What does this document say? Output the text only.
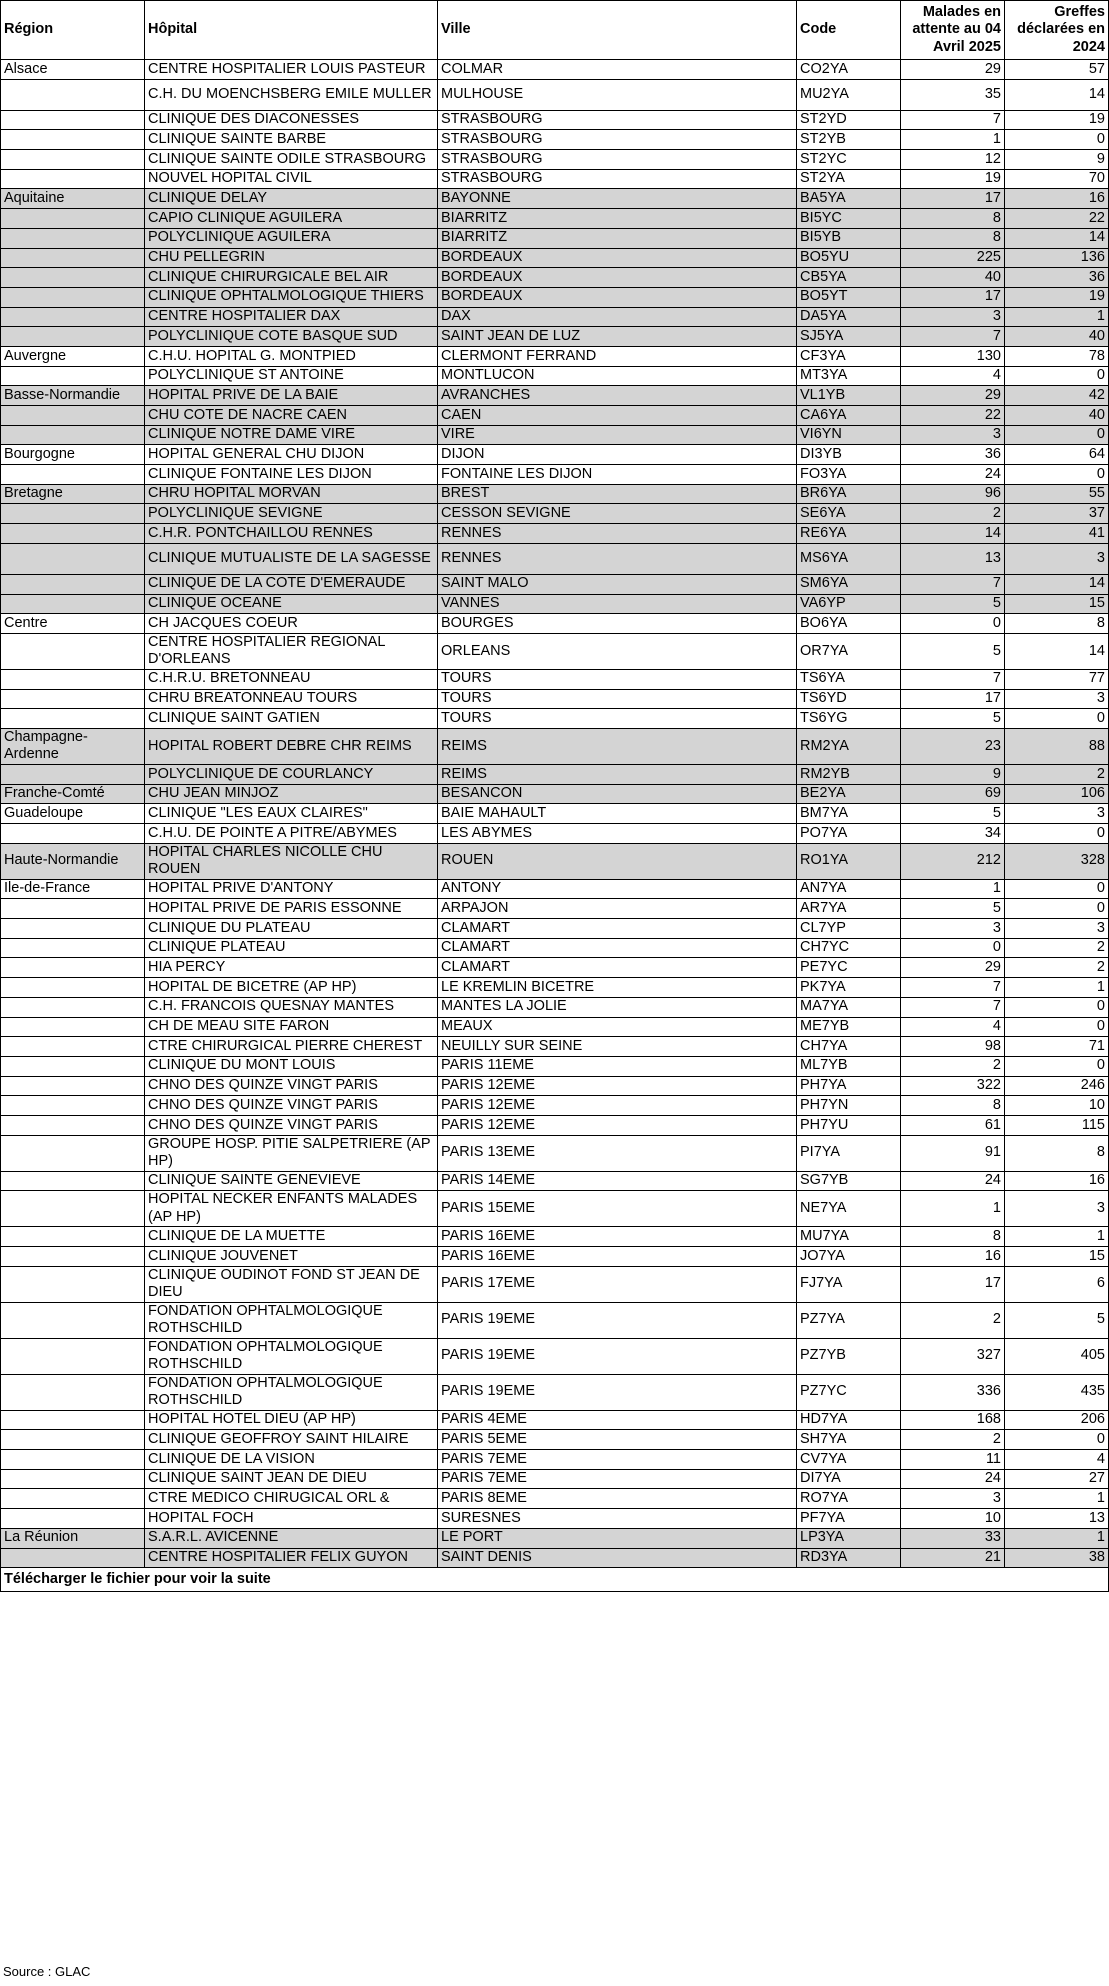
Région	Hôpital	Ville	Code	Malades en attente au 04 Avril 2025	Greffes déclarées en 2024
Alsace	CENTRE HOSPITALIER LOUIS PASTEUR	COLMAR	CO2YA	29	57
	C.H. DU MOENCHSBERG EMILE MULLER	MULHOUSE	MU2YA	35	14
	CLINIQUE DES DIACONESSES	STRASBOURG	ST2YD	7	19
	CLINIQUE SAINTE BARBE	STRASBOURG	ST2YB	1	0
	CLINIQUE SAINTE ODILE STRASBOURG	STRASBOURG	ST2YC	12	9
	NOUVEL HOPITAL CIVIL	STRASBOURG	ST2YA	19	70
Aquitaine	CLINIQUE DELAY	BAYONNE	BA5YA	17	16
	CAPIO CLINIQUE AGUILERA	BIARRITZ	BI5YC	8	22
	POLYCLINIQUE AGUILERA	BIARRITZ	BI5YB	8	14
	CHU PELLEGRIN	BORDEAUX	BO5YU	225	136
	CLINIQUE CHIRURGICALE BEL AIR	BORDEAUX	CB5YA	40	36
	CLINIQUE OPHTALMOLOGIQUE THIERS	BORDEAUX	BO5YT	17	19
	CENTRE HOSPITALIER DAX	DAX	DA5YA	3	1
	POLYCLINIQUE COTE BASQUE SUD	SAINT JEAN DE LUZ	SJ5YA	7	40
Auvergne	C.H.U. HOPITAL G. MONTPIED	CLERMONT FERRAND	CF3YA	130	78
	POLYCLINIQUE ST ANTOINE	MONTLUCON	MT3YA	4	0
Basse-Normandie	HOPITAL PRIVE DE LA BAIE	AVRANCHES	VL1YB	29	42
	CHU COTE DE NACRE CAEN	CAEN	CA6YA	22	40
	CLINIQUE NOTRE DAME VIRE	VIRE	VI6YN	3	0
Bourgogne	HOPITAL GENERAL CHU DIJON	DIJON	DI3YB	36	64
	CLINIQUE FONTAINE LES DIJON	FONTAINE LES DIJON	FO3YA	24	0
Bretagne	CHRU HOPITAL MORVAN	BREST	BR6YA	96	55
	POLYCLINIQUE SEVIGNE	CESSON SEVIGNE	SE6YA	2	37
	C.H.R. PONTCHAILLOU RENNES	RENNES	RE6YA	14	41
	CLINIQUE MUTUALISTE DE LA SAGESSE	RENNES	MS6YA	13	3
	CLINIQUE DE LA COTE D'EMERAUDE	SAINT MALO	SM6YA	7	14
	CLINIQUE OCEANE	VANNES	VA6YP	5	15
Centre	CH JACQUES COEUR	BOURGES	BO6YA	0	8
	CENTRE HOSPITALIER REGIONAL D'ORLEANS	ORLEANS	OR7YA	5	14
	C.H.R.U. BRETONNEAU	TOURS	TS6YA	7	77
	CHRU BREATONNEAU TOURS	TOURS	TS6YD	17	3
	CLINIQUE SAINT GATIEN	TOURS	TS6YG	5	0
Champagne-Ardenne	HOPITAL ROBERT DEBRE CHR REIMS	REIMS	RM2YA	23	88
	POLYCLINIQUE DE COURLANCY	REIMS	RM2YB	9	2
Franche-Comté	CHU JEAN MINJOZ	BESANCON	BE2YA	69	106
Guadeloupe	CLINIQUE "LES EAUX CLAIRES"	BAIE MAHAULT	BM7YA	5	3
	C.H.U. DE POINTE A PITRE/ABYMES	LES ABYMES	PO7YA	34	0
Haute-Normandie	HOPITAL CHARLES NICOLLE CHU ROUEN	ROUEN	RO1YA	212	328
Ile-de-France	HOPITAL PRIVE D'ANTONY	ANTONY	AN7YA	1	0
	HOPITAL PRIVE DE PARIS ESSONNE	ARPAJON	AR7YA	5	0
	CLINIQUE DU PLATEAU	CLAMART	CL7YP	3	3
	CLINIQUE PLATEAU	CLAMART	CH7YC	0	2
	HIA PERCY	CLAMART	PE7YC	29	2
	HOPITAL DE BICETRE (AP HP)	LE KREMLIN BICETRE	PK7YA	7	1
	C.H. FRANCOIS QUESNAY MANTES	MANTES LA JOLIE	MA7YA	7	0
	CH DE MEAU SITE FARON	MEAUX	ME7YB	4	0
	CTRE CHIRURGICAL PIERRE CHEREST	NEUILLY SUR SEINE	CH7YA	98	71
	CLINIQUE DU MONT LOUIS	PARIS 11EME	ML7YB	2	0
	CHNO DES QUINZE VINGT PARIS	PARIS 12EME	PH7YA	322	246
	CHNO DES QUINZE VINGT PARIS	PARIS 12EME	PH7YN	8	10
	CHNO DES QUINZE VINGT PARIS	PARIS 12EME	PH7YU	61	115
	GROUPE HOSP. PITIE SALPETRIERE (AP HP)	PARIS 13EME	PI7YA	91	8
	CLINIQUE SAINTE GENEVIEVE	PARIS 14EME	SG7YB	24	16
	HOPITAL NECKER ENFANTS MALADES (AP HP)	PARIS 15EME	NE7YA	1	3
	CLINIQUE DE LA MUETTE	PARIS 16EME	MU7YA	8	1
	CLINIQUE JOUVENET	PARIS 16EME	JO7YA	16	15
	CLINIQUE OUDINOT FOND ST JEAN DE DIEU	PARIS 17EME	FJ7YA	17	6
	FONDATION OPHTALMOLOGIQUE ROTHSCHILD	PARIS 19EME	PZ7YA	2	5
	FONDATION OPHTALMOLOGIQUE ROTHSCHILD	PARIS 19EME	PZ7YB	327	405
	FONDATION OPHTALMOLOGIQUE ROTHSCHILD	PARIS 19EME	PZ7YC	336	435
	HOPITAL HOTEL DIEU (AP HP)	PARIS 4EME	HD7YA	168	206
	CLINIQUE GEOFFROY SAINT HILAIRE	PARIS 5EME	SH7YA	2	0
	CLINIQUE DE LA VISION	PARIS 7EME	CV7YA	11	4
	CLINIQUE SAINT JEAN DE DIEU	PARIS 7EME	DI7YA	24	27
	CTRE MEDICO CHIRUGICAL ORL &	PARIS 8EME	RO7YA	3	1
	HOPITAL FOCH	SURESNES	PF7YA	10	13
La Réunion	S.A.R.L. AVICENNE	LE PORT	LP3YA	33	1
	CENTRE HOSPITALIER FELIX GUYON	SAINT DENIS	RD3YA	21	38
Télécharger le fichier pour voir la suite					
Source : GLAC
